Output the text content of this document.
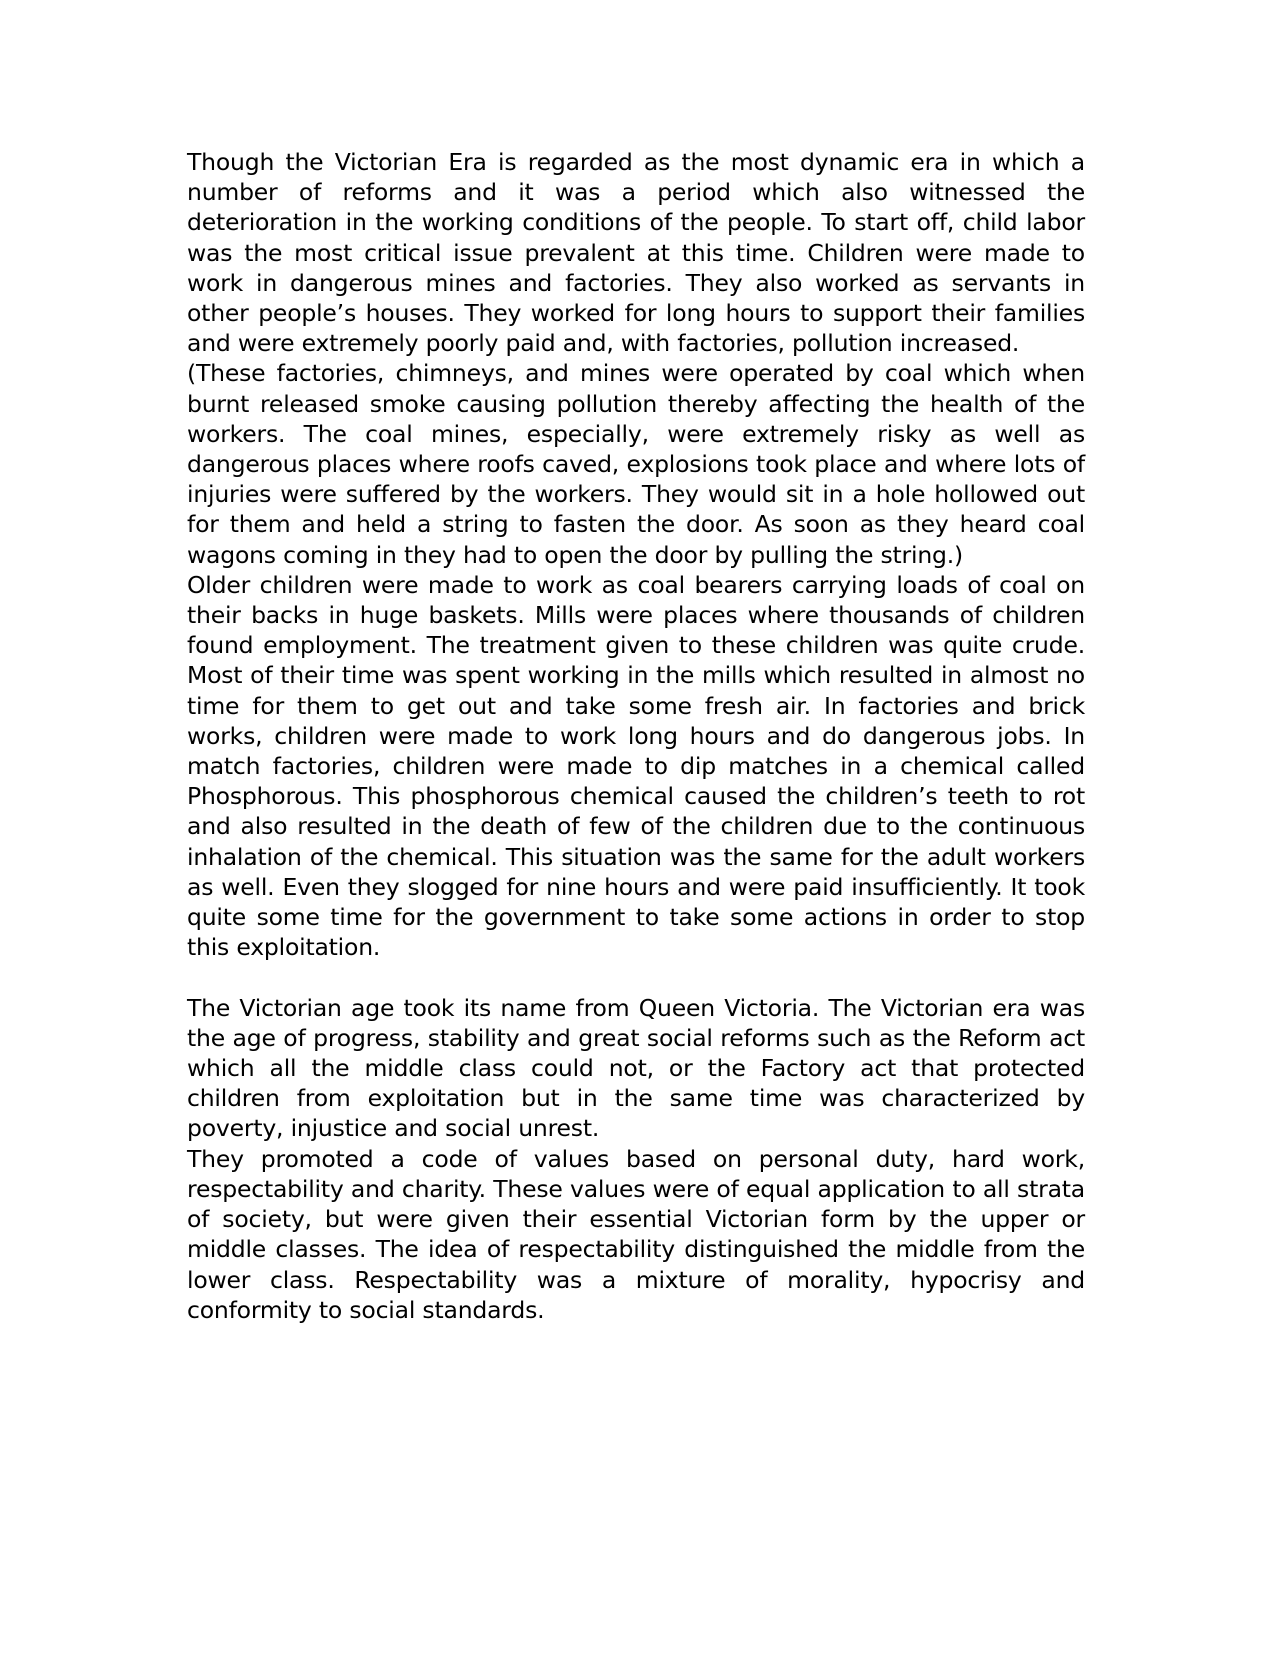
Though the Victorian Era is regarded as the most dynamic era in which a number of reforms and it was a period which also witnessed the deterioration in the working conditions of the people. To start off, child labor was the most critical issue prevalent at this time. Children were made to work in dangerous mines and factories. They also worked as servants in other people’s houses. They worked for long hours to support their families and were extremely poorly paid and, with factories, pollution increased.

(These factories, chimneys, and mines were operated by coal which when burnt released smoke causing pollution thereby affecting the health of the workers. The coal mines, especially, were extremely risky as well as dangerous places where roofs caved, explosions took place and where lots of injuries were suffered by the workers. They would sit in a hole hollowed out for them and held a string to fasten the door. As soon as they heard coal wagons coming in they had to open the door by pulling the string.)

Older children were made to work as coal bearers carrying loads of coal on their backs in huge baskets. Mills were places where thousands of children found employment. The treatment given to these children was quite crude. Most of their time was spent working in the mills which resulted in almost no time for them to get out and take some fresh air. In factories and brick works, children were made to work long hours and do dangerous jobs. In match factories, children were made to dip matches in a chemical called Phosphorous. This phosphorous chemical caused the children’s teeth to rot and also resulted in the death of few of the children due to the continuous inhalation of the chemical. This situation was the same for the adult workers as well. Even they slogged for nine hours and were paid insufficiently. It took quite some time for the government to take some actions in order to stop this exploitation.

The Victorian age took its name from Queen Victoria. The Victorian era was the age of progress, stability and great social reforms such as the Reform act which all the middle class could not, or the Factory act that protected children from exploitation but in the same time was characterized by poverty, injustice and social unrest.

They promoted a code of values based on personal duty, hard work, respectability and charity. These values were of equal application to all strata of society, but were given their essential Victorian form by the upper or middle classes. The idea of respectability distinguished the middle from the lower class. Respectability was a mixture of morality, hypocrisy and conformity to social standards.
